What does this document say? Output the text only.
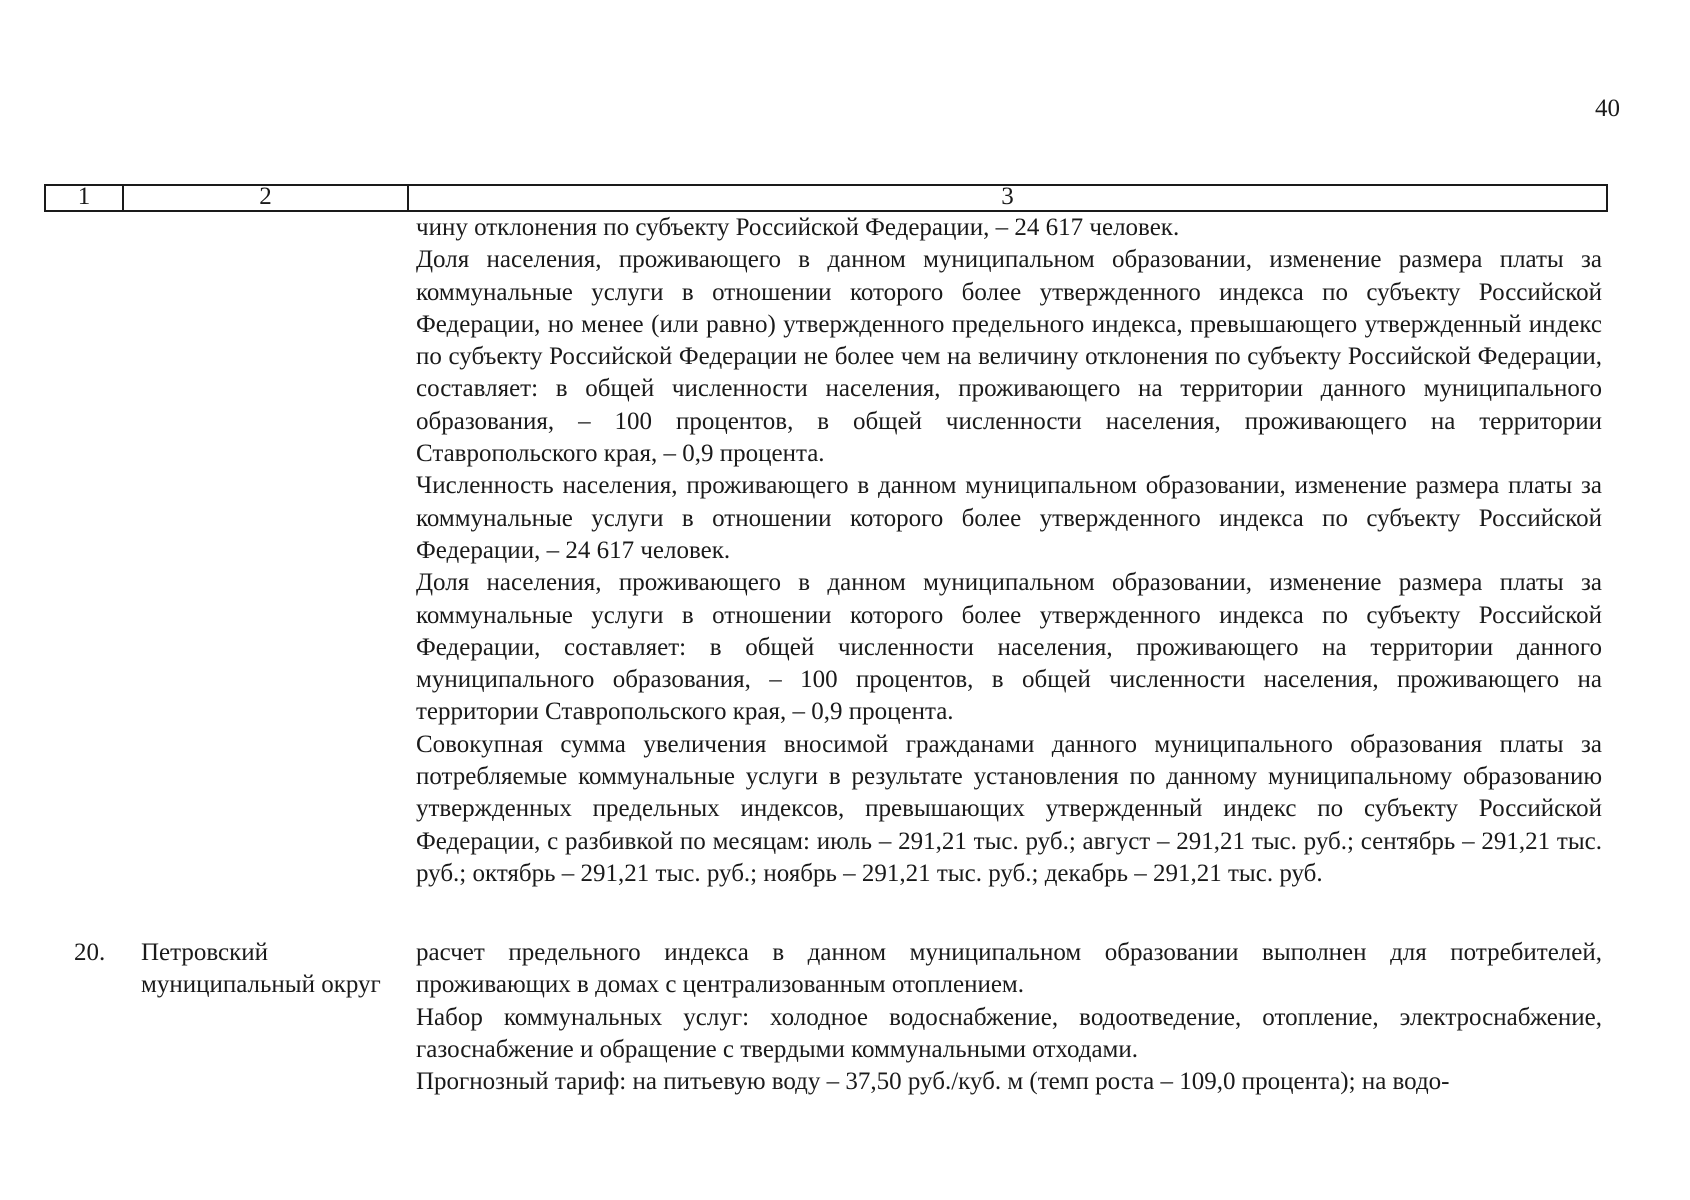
40
1	2	3

чину отклонения по субъекту Российской Федерации, – 24 617 человек.

Доля населения, проживающего в данном муниципальном образовании, изменение размера платы за коммунальные услуги в отношении которого более утвержденного индекса по субъекту Российской Федерации, но менее (или равно) утвержденного предельного индекса, превышающего утвержденный индекс по субъекту Российской Федерации не более чем на величину отклонения по субъекту Российской Федерации, составляет: в общей численности населения, проживающего на территории данного муниципального образования, – 100 процентов, в общей численности населения, проживающего на территории Ставропольского края, – 0,9 процента.

Численность населения, проживающего в данном муниципальном образовании, изменение размера платы за коммунальные услуги в отношении которого более утвержденного индекса по субъекту Российской Федерации, – 24 617 человек.

Доля населения, проживающего в данном муниципальном образовании, изменение размера платы за коммунальные услуги в отношении которого более утвержденного индекса по субъекту Российской Федерации, составляет: в общей численности населения, проживающего на территории данного муниципального образования, – 100 процентов, в общей численности населения, проживающего на территории Ставропольского края, – 0,9 процента.

Совокупная сумма увеличения вносимой гражданами данного муниципального образования платы за потребляемые коммунальные услуги в результате установления по данному муниципальному образованию утвержденных предельных индексов, превышающих утвержденный индекс по субъекту Российской Федерации, с разбивкой по месяцам: июль – 291,21 тыс. руб.; август – 291,21 тыс. руб.; сентябрь – 291,21 тыс. руб.; октябрь – 291,21 тыс. руб.; ноябрь – 291,21 тыс. руб.; декабрь – 291,21 тыс. руб.

20. Петровский муниципальный округ

расчет предельного индекса в данном муниципальном образовании выполнен для потребителей, проживающих в домах с централизованным отоплением.

Набор коммунальных услуг: холодное водоснабжение, водоотведение, отопление, электроснабжение, газоснабжение и обращение с твердыми коммунальными отходами.

Прогнозный тариф: на питьевую воду – 37,50 руб./куб. м (темп роста – 109,0 процента); на водо-
